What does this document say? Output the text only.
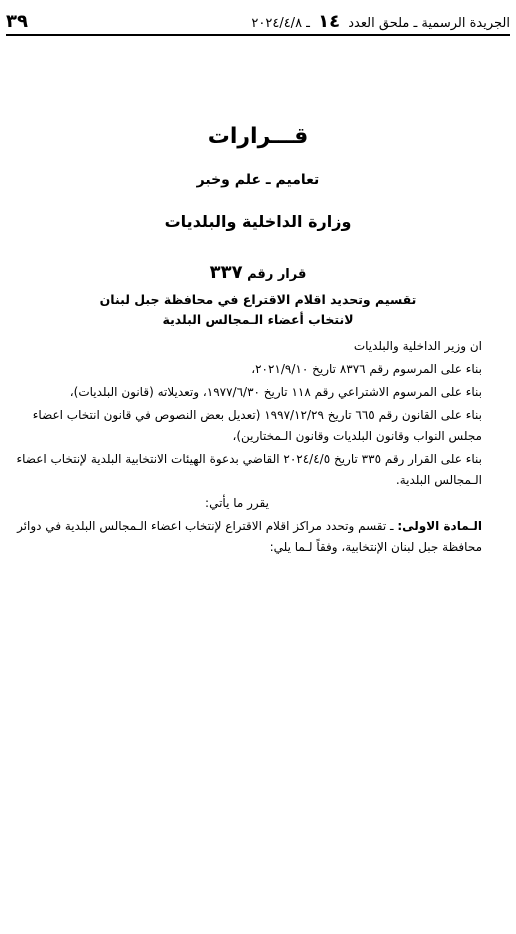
الجريدة الرسمية ـ ملحق العدد ١٤ ـ ٢٠٢٤/٤/٨
٣٩
قـــرارات
تعاميم ـ علم وخبر
وزارة الداخلية والبلديات
قرار رقم ٣٣٧
تقسيم وتحديد اقلام الاقتراع في محافظة جبل لبنان
لانتخاب أعضاء الـمجالس البلدية

ان وزير الداخلية والبلديات

بناء على المرسوم رقم ٨٣٧٦ تاريخ ٢٠٢١/٩/١٠،

بناء على المرسوم الاشتراعي رقم ١١٨ تاريخ ١٩٧٧/٦/٣٠، وتعديلاته (قانون البلديات)،

بناء على القانون رقم ٦٦٥ تاريخ ١٩٩٧/١٢/٢٩ (تعديل بعض النصوص في قانون انتخاب اعضاء مجلس النواب وقانون البلديات وقانون الـمختارين)،

بناء على القرار رقم ٣٣٥ تاريخ ٢٠٢٤/٤/٥ القاضي بدعوة الهيئات الانتخابية البلدية لإنتخاب اعضاء الـمجالس البلدية.

يقرر ما يأتي:

الـمادة الاولى: ـ تقسم وتحدد مراكز اقلام الاقتراع لإنتخاب اعضاء الـمجالس البلدية في دوائر محافظة جبل لبنان الإنتخابية، وفقاً لـما يلي:
